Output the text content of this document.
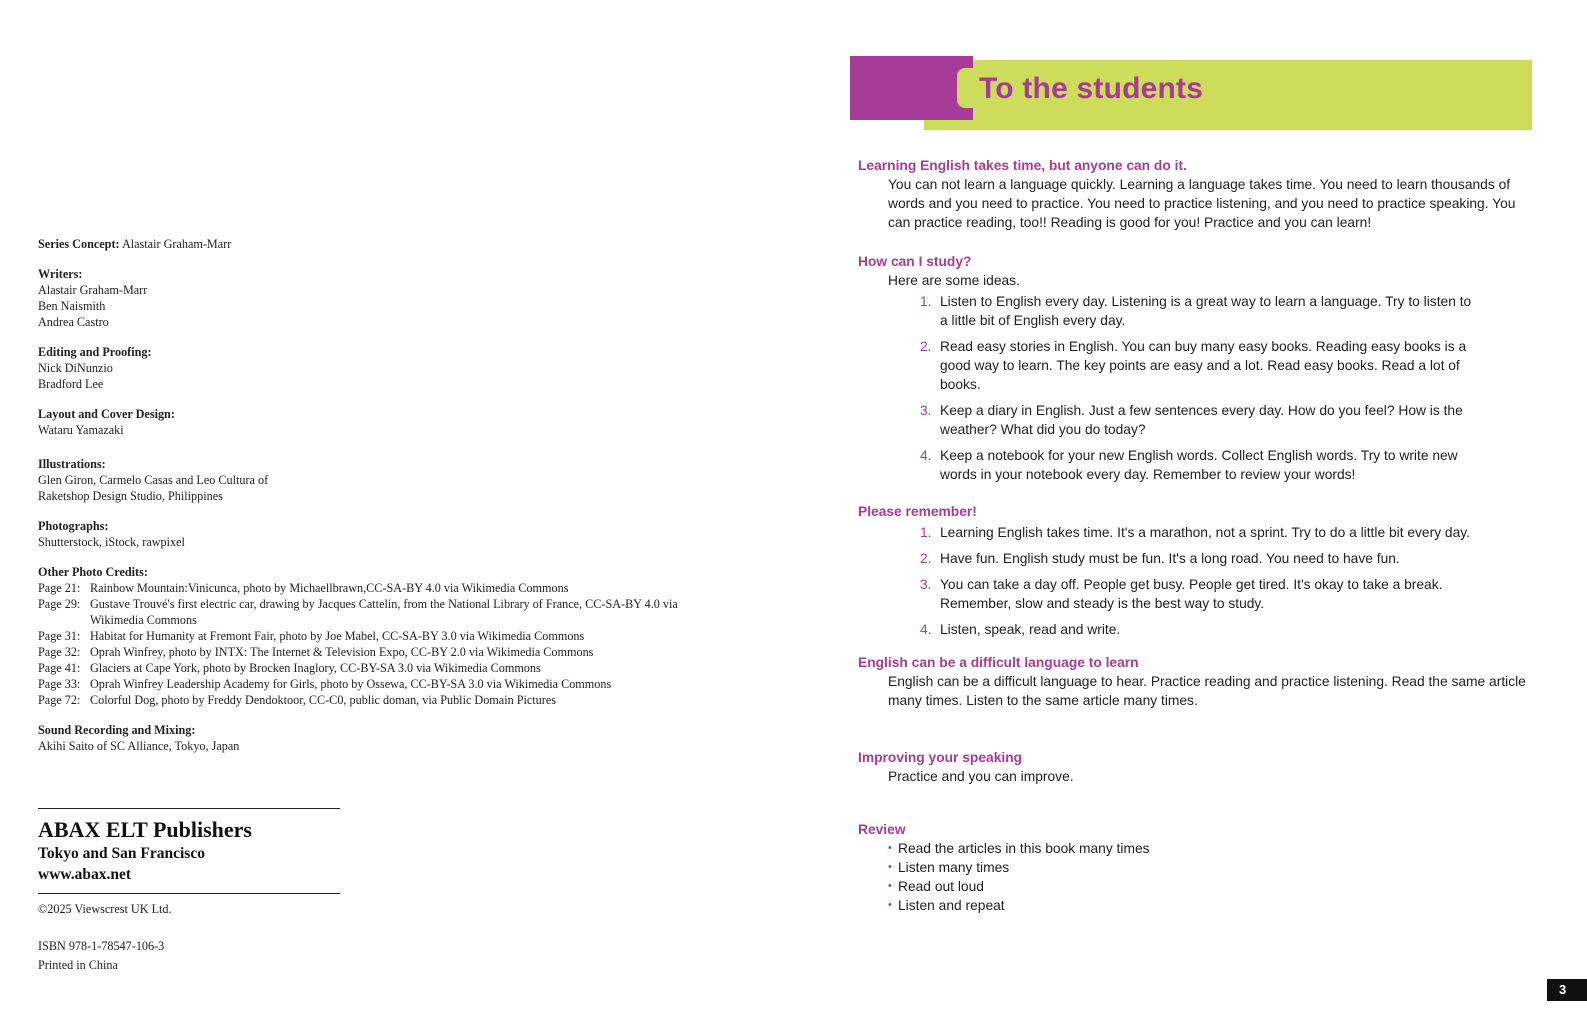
Series Concept: Alastair Graham-Marr
Writers:
Alastair Graham-Marr
Ben Naismith
Andrea Castro
Editing and Proofing:
Nick DiNunzio
Bradford Lee
Layout and Cover Design:
Wataru Yamazaki
Illustrations:
Glen Giron, Carmelo Casas and Leo Cultura of
Raketshop Design Studio, Philippines
Photographs:
Shutterstock, iStock, rawpixel
Other Photo Credits:
Page 21: Rainbow Mountain:Vinicunca, photo by Michaellbrawn,CC-SA-BY 4.0 via Wikimedia Commons
Page 29: Gustave Trouvé's first electric car, drawing by Jacques Cattelin, from the National Library of France, CC-SA-BY 4.0 via Wikimedia Commons
Page 31: Habitat for Humanity at Fremont Fair, photo by Joe Mabel, CC-SA-BY 3.0 via Wikimedia Commons
Page 32: Oprah Winfrey, photo by INTX: The Internet & Television Expo, CC-BY 2.0 via Wikimedia Commons
Page 41: Glaciers at Cape York, photo by Brocken Inaglory, CC-BY-SA 3.0 via Wikimedia Commons
Page 33: Oprah Winfrey Leadership Academy for Girls, photo by Ossewa, CC-BY-SA 3.0 via Wikimedia Commons
Page 72: Colorful Dog, photo by Freddy Dendoktoor, CC-C0, public doman, via Public Domain Pictures
Sound Recording and Mixing:
Akihi Saito of SC Alliance, Tokyo, Japan
ABAX ELT Publishers
Tokyo and San Francisco
www.abax.net
©2025 Viewscrest UK Ltd.
ISBN 978-1-78547-106-3
Printed in China
To the students
Learning English takes time, but anyone can do it.
You can not learn a language quickly. Learning a language takes time. You need to learn thousands of words and you need to practice. You need to practice listening, and you need to practice speaking. You can practice reading, too!! Reading is good for you! Practice and you can learn!
How can I study?
Here are some ideas.
1. Listen to English every day. Listening is a great way to learn a language. Try to listen to a little bit of English every day.
2. Read easy stories in English. You can buy many easy books. Reading easy books is a good way to learn. The key points are easy and a lot. Read easy books. Read a lot of books.
3. Keep a diary in English. Just a few sentences every day. How do you feel? How is the weather? What did you do today?
4. Keep a notebook for your new English words. Collect English words. Try to write new words in your notebook every day. Remember to review your words!
Please remember!
1. Learning English takes time. It's a marathon, not a sprint. Try to do a little bit every day.
2. Have fun. English study must be fun. It's a long road. You need to have fun.
3. You can take a day off. People get busy. People get tired. It's okay to take a break. Remember, slow and steady is the best way to study.
4. Listen, speak, read and write.
English can be a difficult language to learn
English can be a difficult language to hear. Practice reading and practice listening. Read the same article many times. Listen to the same article many times.
Improving your speaking
Practice and you can improve.
Review
• Read the articles in this book many times
• Listen many times
• Read out loud
• Listen and repeat
3
